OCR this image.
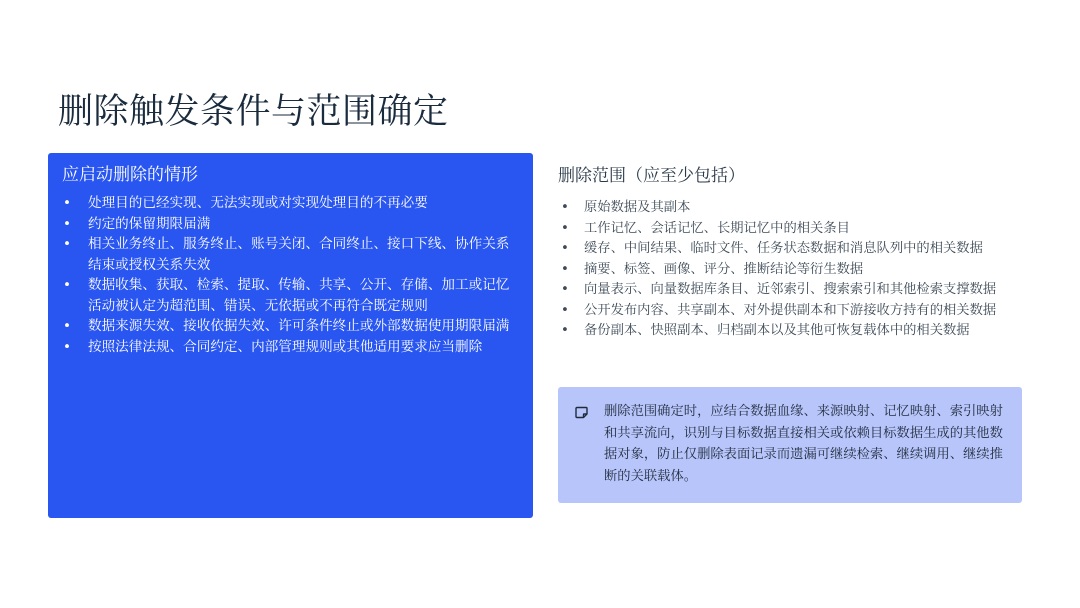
删除触发条件与范围确定
应启动删除的情形
• 处理目的已经实现、无法实现或对实现处理目的不再必要
• 约定的保留期限届满
• 相关业务终止、服务终止、账号关闭、合同终止、接口下线、协作关系结束或授权关系失效
• 数据收集、获取、检索、提取、传输、共享、公开、存储、加工或记忆活动被认定为超范围、错误、无依据或不再符合既定规则
• 数据来源失效、接收依据失效、许可条件终止或外部数据使用期限届满
• 按照法律法规、合同约定、内部管理规则或其他适用要求应当删除
删除范围（应至少包括）
• 原始数据及其副本
• 工作记忆、会话记忆、长期记忆中的相关条目
• 缓存、中间结果、临时文件、任务状态数据和消息队列中的相关数据
• 摘要、标签、画像、评分、推断结论等衍生数据
• 向量表示、向量数据库条目、近邻索引、搜索索引和其他检索支撑数据
• 公开发布内容、共享副本、对外提供副本和下游接收方持有的相关数据
• 备份副本、快照副本、归档副本以及其他可恢复载体中的相关数据

删除范围确定时，应结合数据血缘、来源映射、记忆映射、索引映射和共享流向，识别与目标数据直接相关或依赖目标数据生成的其他数据对象，防止仅删除表面记录而遗漏可继续检索、继续调用、继续推断的关联载体。
